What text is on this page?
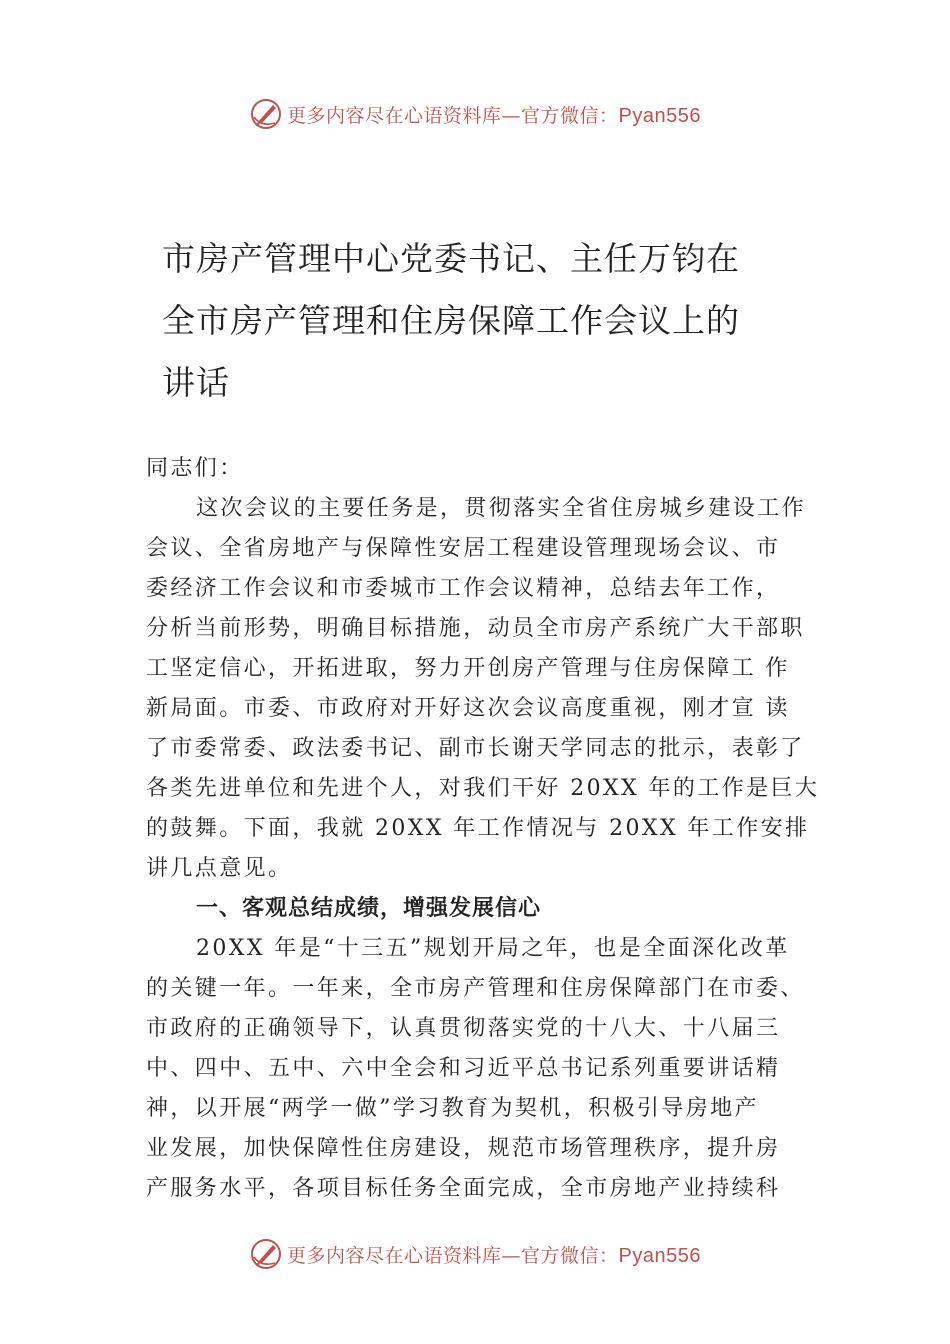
更多内容尽在心语资料库—官方微信：Pyan556
市房产管理中心党委书记、主任万钧在
全市房产管理和住房保障工作会议上的
讲话
同志们：
这次会议的主要任务是，贯彻落实全省住房城乡建设工作
会议、全省房地产与保障性安居工程建设管理现场会议、市
委经济工作会议和市委城市工作会议精神，总结去年工作，
分析当前形势，明确目标措施，动员全市房产系统广大干部职
工坚定信心，开拓进取，努力开创房产管理与住房保障工 作
新局面。市委、市政府对开好这次会议高度重视，刚才宣 读
了市委常委、政法委书记、副市长谢天学同志的批示，表彰了
各类先进单位和先进个人，对我们干好 20XX 年的工作是巨大
的鼓舞。下面，我就 20XX 年工作情况与 20XX 年工作安排
讲几点意见。
一、客观总结成绩，增强发展信心
20XX 年是“十三五”规划开局之年，也是全面深化改革
的关键一年。一年来，全市房产管理和住房保障部门在市委、
市政府的正确领导下，认真贯彻落实党的十八大、十八届三
中、四中、五中、六中全会和习近平总书记系列重要讲话精
神，以开展“两学一做”学习教育为契机，积极引导房地产
业发展，加快保障性住房建设，规范市场管理秩序，提升房
产服务水平，各项目标任务全面完成，全市房地产业持续科
更多内容尽在心语资料库—官方微信：Pyan556
